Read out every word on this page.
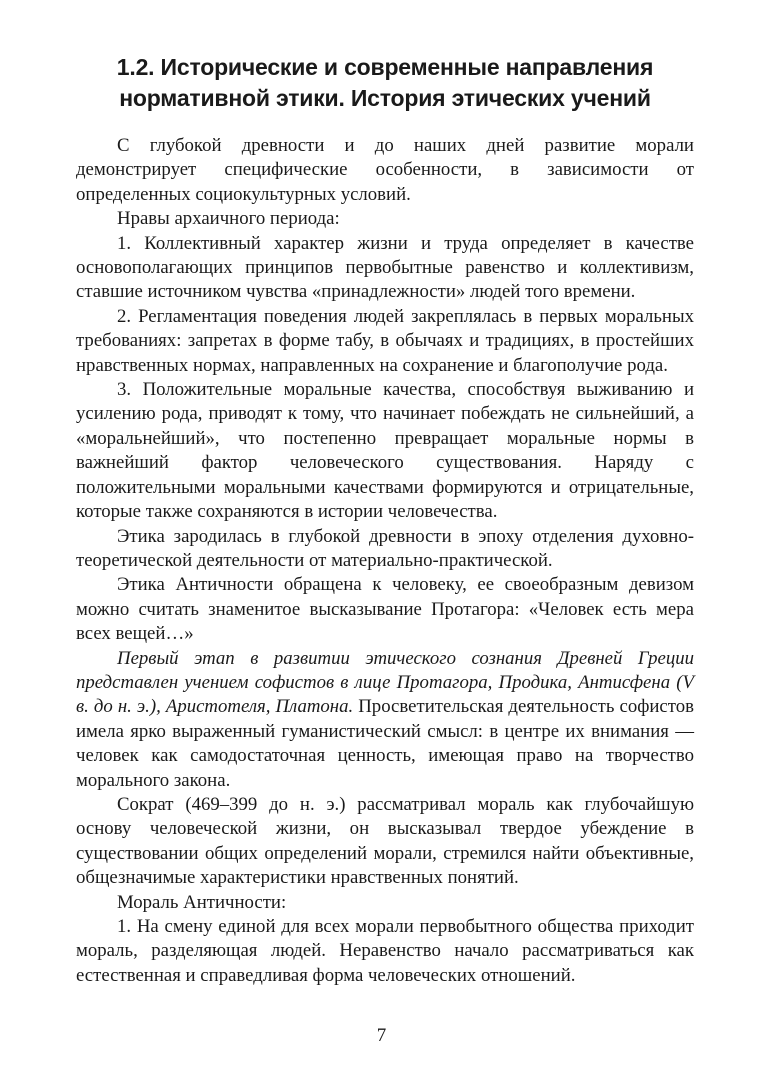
1.2. Исторические и современные направления
нормативной этики. История этических учений

С глубокой древности и до наших дней развитие морали демонстрирует специфические особенности, в зависимости от определенных социокультурных условий.

Нравы архаичного периода:

1. Коллективный характер жизни и труда определяет в качестве основополагающих принципов первобытные равенство и коллективизм, ставшие источником чувства «принадлежности» людей того времени.

2. Регламентация поведения людей закреплялась в первых моральных требованиях: запретах в форме табу, в обычаях и традициях, в простейших нравственных нормах, направленных на сохранение и благополучие рода.

3. Положительные моральные качества, способствуя выживанию и усилению рода, приводят к тому, что начинает побеждать не сильнейший, а «моральнейший», что постепенно превращает моральные нормы в важнейший фактор человеческого существования. Наряду с положительными моральными качествами формируются и отрицательные, которые также сохраняются в истории человечества.

Этика зародилась в глубокой древности в эпоху отделения духовно-теоретической деятельности от материально-практической.

Этика Античности обращена к человеку, ее своеобразным девизом можно считать знаменитое высказывание Протагора: «Человек есть мера всех вещей…»

Первый этап в развитии этического сознания Древней Греции представлен учением софистов в лице Протагора, Продика, Антисфена (V в. до н. э.), Аристотеля, Платона. Просветительская деятельность софистов имела ярко выраженный гуманистический смысл: в центре их внимания — человек как самодостаточная ценность, имеющая право на творчество морального закона.

Сократ (469–399 до н. э.) рассматривал мораль как глубочайшую основу человеческой жизни, он высказывал твердое убеждение в существовании общих определений морали, стремился найти объективные, общезначимые характеристики нравственных понятий.

Мораль Античности:

1. На смену единой для всех морали первобытного общества приходит мораль, разделяющая людей. Неравенство начало рассматриваться как естественная и справедливая форма человеческих отношений.

7
